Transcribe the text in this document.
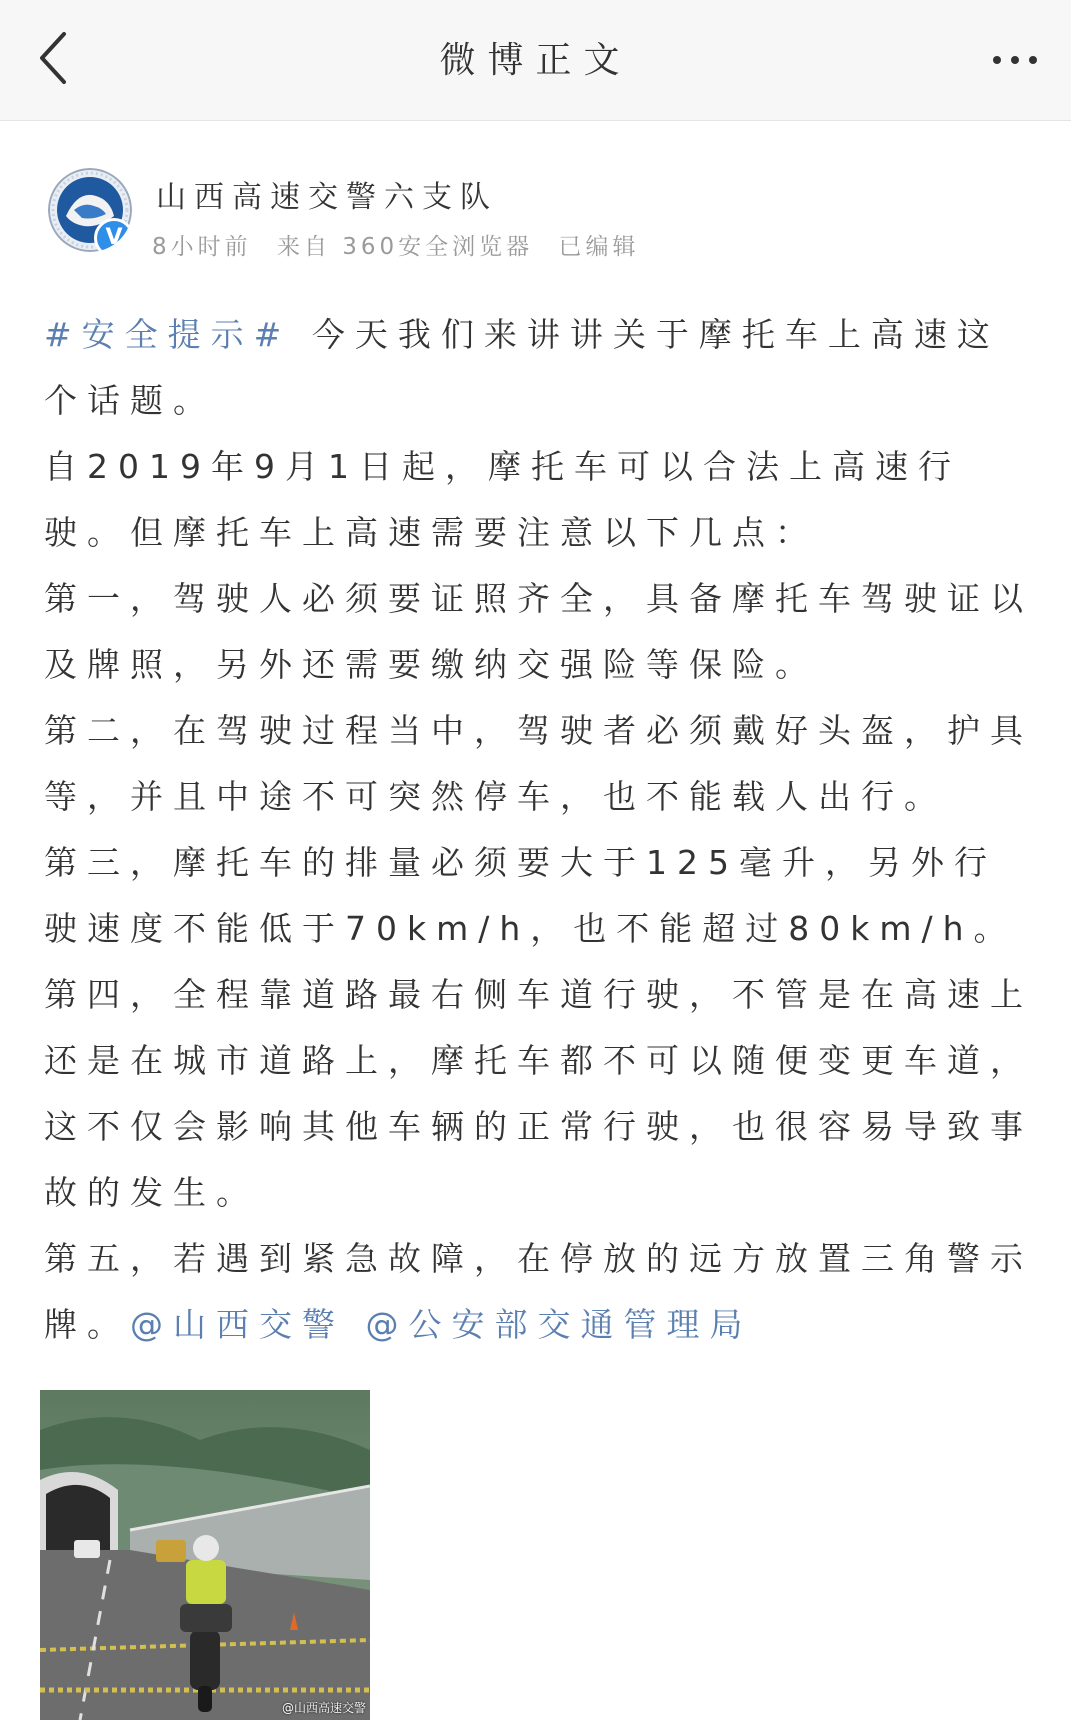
微博正文
V
山西高速交警六支队
8小时前 来自 360安全浏览器 已编辑

#安全提示# 今天我们来讲讲关于摩托车上高速这个话题。

自2019年9月1日起，摩托车可以合法上高速行驶。但摩托车上高速需要注意以下几点：

第一，驾驶人必须要证照齐全，具备摩托车驾驶证以及牌照，另外还需要缴纳交强险等保险。

第二，在驾驶过程当中，驾驶者必须戴好头盔，护具等，并且中途不可突然停车，也不能载人出行。

第三，摩托车的排量必须要大于125毫升，另外行驶速度不能低于70km/h，也不能超过80km/h。

第四，全程靠道路最右侧车道行驶，不管是在高速上还是在城市道路上，摩托车都不可以随便变更车道，这不仅会影响其他车辆的正常行驶，也很容易导致事故的发生。

第五，若遇到紧急故障，在停放的远方放置三角警示牌。@山西交警 @公安部交通管理局

@山西高速交警
